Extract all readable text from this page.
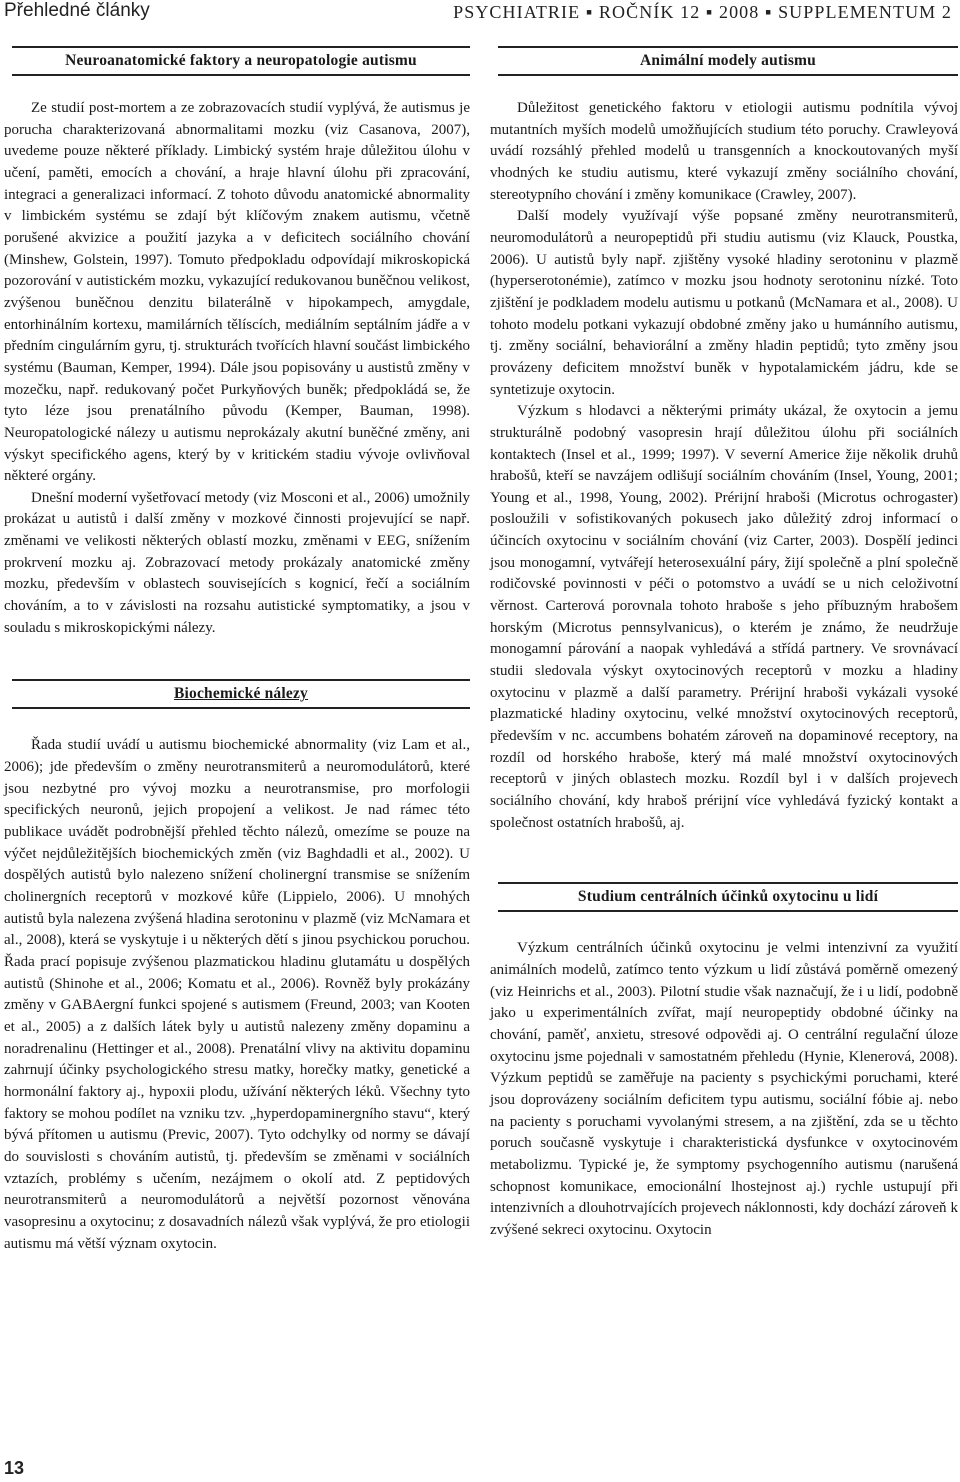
Přehledné články	PSYCHIATRIE ▪ ROČNÍK 12 ▪ 2008 ▪ SUPPLEMENTUM 2
Neuroanatomické faktory a neuropatologie autismu

Ze studií post-mortem a ze zobrazovacích studií vyplývá, že autismus je porucha charakterizovaná abnormalitami mozku (viz Casanova, 2007), uvedeme pouze některé příklady. Limbický systém hraje důležitou úlohu v učení, paměti, emocích a chování, a hraje hlavní úlohu při zpracování, integraci a generalizaci informací. Z tohoto důvodu anatomické abnormality v limbickém systému se zdají být klíčovým znakem autismu, včetně porušené akvizice a použití jazyka a v deficitech sociálního chování (Minshew, Golstein, 1997). Tomuto předpokladu odpovídají mikroskopická pozorování v autistickém mozku, vykazující redukovanou buněčnou velikost, zvýšenou buněčnou denzitu bilaterálně v hipokampech, amygdale, entorhinálním kortexu, mamilárních tělíscích, mediálním septálním jádře a v předním cingulárním gyru, tj. strukturách tvořících hlavní součást limbického systému (Bauman, Kemper, 1994). Dále jsou popisovány u austistů změny v mozečku, např. redukovaný počet Purkyňových buněk; předpokládá se, že tyto léze jsou prenatálního původu (Kemper, Bauman, 1998). Neuropatologické nálezy u autismu neprokázaly akutní buněčné změny, ani výskyt specifického agens, který by v kritickém stadiu vývoje ovlivňoval některé orgány.

Dnešní moderní vyšetřovací metody (viz Mosconi et al., 2006) umožnily prokázat u autistů i další změny v mozkové činnosti projevující se např. změnami ve velikosti některých oblastí mozku, změnami v EEG, snížením prokrvení mozku aj. Zobrazovací metody prokázaly anatomické změny mozku, především v oblastech souvisejících s kognicí, řečí a sociálním chováním, a to v závislosti na rozsahu autistické symptomatiky, a jsou v souladu s mikroskopickými nálezy.

Biochemické nálezy

Řada studií uvádí u autismu biochemické abnormality (viz Lam et al., 2006); jde především o změny neurotransmiterů a neuromodulátorů, které jsou nezbytné pro vývoj mozku a neurotransmise, pro morfologii specifických neuronů, jejich propojení a velikost. Je nad rámec této publikace uvádět podrobnější přehled těchto nálezů, omezíme se pouze na výčet nejdůležitějších biochemických změn (viz Baghdadli et al., 2002). U dospělých autistů bylo nalezeno snížení cholinergní transmise se snížením cholinergních receptorů v mozkové kůře (Lippielo, 2006). U mnohých autistů byla nalezena zvýšená hladina serotoninu v plazmě (viz McNamara et al., 2008), která se vyskytuje i u některých dětí s jinou psychickou poruchou. Řada prací popisuje zvýšenou plazmatickou hladinu glutamátu u dospělých autistů (Shinohe et al., 2006; Komatu et al., 2006). Rovněž byly prokázány změny v GABAergní funkci spojené s autismem (Freund, 2003; van Kooten et al., 2005) a z dalších látek byly u autistů nalezeny změny dopaminu a noradrenalinu (Hettinger et al., 2008). Prenatální vlivy na aktivitu dopaminu zahrnují účinky psychologického stresu matky, horečky matky, genetické a hormonální faktory aj., hypoxii plodu, užívání některých léků. Všechny tyto faktory se mohou podílet na vzniku tzv. „hyperdopaminergního stavu“, který bývá přítomen u autismu (Previc, 2007). Tyto odchylky od normy se dávají do souvislosti s chováním autistů, tj. především se změnami v sociálních vztazích, problémy s učením, nezájmem o okolí atd. Z peptidových neurotransmiterů a neuromodulátorů a největší pozornost věnována vasopresinu a oxytocinu; z dosavadních nálezů však vyplývá, že pro etiologii autismu má větší význam oxytocin.

Animální modely autismu

Důležitost genetického faktoru v etiologii autismu podnítila vývoj mutantních myších modelů umožňujících studium této poruchy. Crawleyová uvádí rozsáhlý přehled modelů u transgenních a knockoutovaných myší vhodných ke studiu autismu, které vykazují změny sociálního chování, stereotypního chování i změny komunikace (Crawley, 2007).

Další modely využívají výše popsané změny neurotransmiterů, neuromodulátorů a neuropeptidů při studiu autismu (viz Klauck, Poustka, 2006). U autistů byly např. zjištěny vysoké hladiny serotoninu v plazmě (hyperserotonémie), zatímco v mozku jsou hodnoty serotoninu nízké. Toto zjištění je podkladem modelu autismu u potkanů (McNamara et al., 2008). U tohoto modelu potkani vykazují obdobné změny jako u humánního autismu, tj. změny sociální, behaviorální a změny hladin peptidů; tyto změny jsou provázeny deficitem množství buněk v hypotalamickém jádru, kde se syntetizuje oxytocin.

Výzkum s hlodavci a některými primáty ukázal, že oxytocin a jemu strukturálně podobný vasopresin hrají důležitou úlohu při sociálních kontaktech (Insel et al., 1999; 1997). V severní Americe žije několik druhů hrabošů, kteří se navzájem odlišují sociálním chováním (Insel, Young, 2001; Young et al., 1998, Young, 2002). Prérijní hraboši (Microtus ochrogaster) posloužili v sofistikovaných pokusech jako důležitý zdroj informací o účincích oxytocinu v sociálním chování (viz Carter, 2003). Dospělí jedinci jsou monogamní, vytvářejí heterosexuální páry, žijí společně a plní společně rodičovské povinnosti v péči o potomstvo a uvádí se u nich celoživotní věrnost. Carterová porovnala tohoto hraboše s jeho příbuzným hrabošem horským (Microtus pennsylvanicus), o kterém je známo, že neudržuje monogamní párování a naopak vyhledává a střídá partnery. Ve srovnávací studii sledovala výskyt oxytocinových receptorů v mozku a hladiny oxytocinu v plazmě a další parametry. Prérijní hraboši vykázali vysoké plazmatické hladiny oxytocinu, velké množství oxytocinových receptorů, především v nc. accumbens bohatém zároveň na dopaminové receptory, na rozdíl od horského hraboše, který má malé množství oxytocinových receptorů v jiných oblastech mozku. Rozdíl byl i v dalších projevech sociálního chování, kdy hraboš prérijní více vyhledává fyzický kontakt a společnost ostatních hrabošů, aj.

Studium centrálních účinků oxytocinu u lidí

Výzkum centrálních účinků oxytocinu je velmi intenzivní za využití animálních modelů, zatímco tento výzkum u lidí zůstává poměrně omezený (viz Heinrichs et al., 2003). Pilotní studie však naznačují, že i u lidí, podobně jako u experimentálních zvířat, mají neuropeptidy obdobné účinky na chování, paměť, anxietu, stresové odpovědi aj. O centrální regulační úloze oxytocinu jsme pojednali v samostatném přehledu (Hynie, Klenerová, 2008). Výzkum peptidů se zaměřuje na pacienty s psychickými poruchami, které jsou doprovázeny sociálním deficitem typu autismu, sociální fóbie aj. nebo na pacienty s poruchami vyvolanými stresem, a na zjištění, zda se u těchto poruch současně vyskytuje i charakteristická dysfunkce v oxytocinovém metabolizmu. Typické je, že symptomy psychogenního autismu (narušená schopnost komunikace, emocionální lhostejnost aj.) rychle ustupují při intenzivních a dlouhotrvajících projevech náklonnosti, kdy dochází zároveň k zvýšené sekreci oxytocinu. Oxytocin

13
